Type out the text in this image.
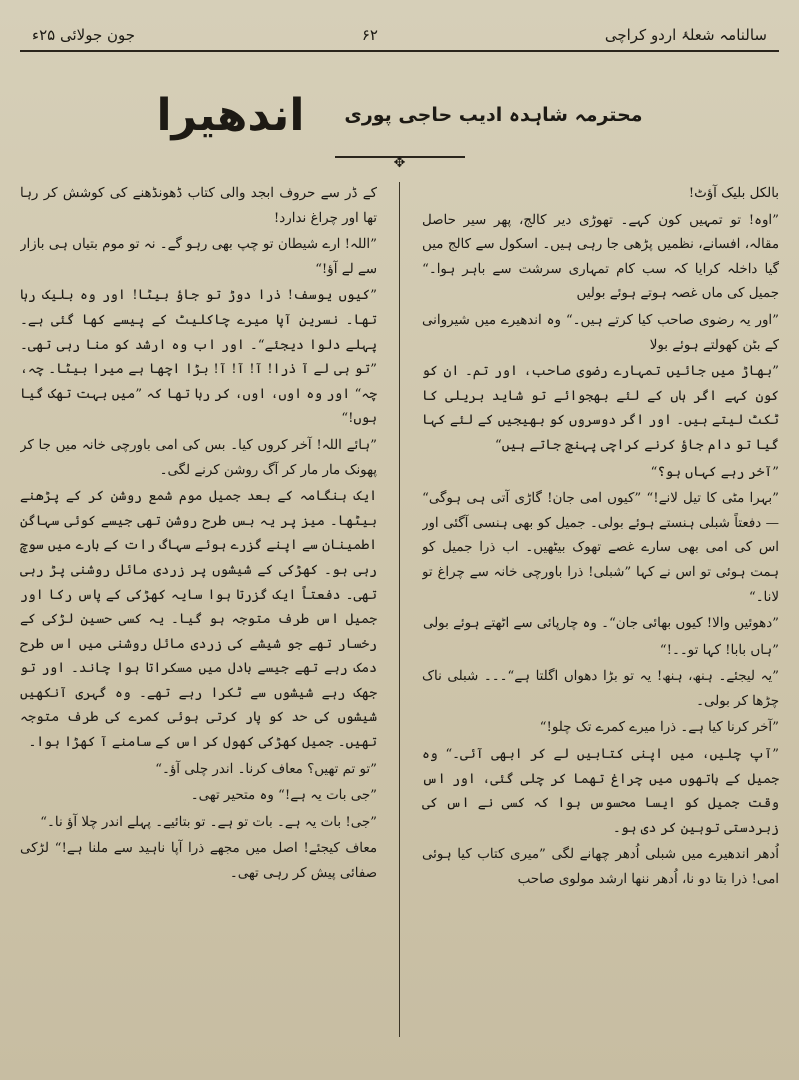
سالنامہ شعلۂ اردو کراچی
۶۲
جون جولائی ۲۵ء
محترمہ شاہدہ ادیب حاجی پوری
اندھیرا
✥

بالکل بلیک آؤٹ!

”اوہ! تو تمہیں کون کہے۔ تھوڑی دیر کالج، پھر سیر حاصل مقالہ، افسانے، نظمیں پڑھی جا رہی ہیں۔ اسکول سے کالج میں گیا داخلہ کرایا کہ سب کام تمہاری سرشت سے باہر ہوا۔“ جمیل کی ماں غصہ ہوتے ہوئے بولیں

”اور یہ رضوی صاحب کیا کرتے ہیں۔“ وہ اندھیرے میں شیروانی کے بٹن کھولتے ہوئے بولا

”بھاڑ میں جائیں تمہارے رضوی صاحب، اور تم۔ ان کو کون کہے اگر ہاں کے لئے بھجوائے تو شاید بریلی کا ٹکٹ لیتے ہیں۔ اور اگر دوسروں کو بھیجیں کے لئے کہا گیا تو دام جاؤ کرنے کراچی پہنچ جاتے ہیں“

”آخر رہے کہاں ہو؟“

”بہرا مٹی کا تیل لانے!“ ”کیوں امی جان! گاڑی آتی ہی ہوگی“ — دفعتاً شبلی ہنستے ہوئے بولی۔ جمیل کو بھی ہنسی آگئی اور اس کی امی بھی سارے غصے تھوک بیٹھیں۔ اب ذرا جمیل کو ہمت ہوئی تو اس نے کہا ”شبلی! ذرا باورچی خانہ سے چراغ تو لانا۔“

”دھوئیں والا! کیوں بھائی جان“۔ وہ چارپائی سے اٹھتے ہوئے بولی

”ہاں بابا! کہا تو۔۔!“

”یہ لیجئے۔ ہنھ، ہنھ! یہ تو بڑا دھواں اگلتا ہے“۔۔۔ شبلی ناک چڑھا کر بولی۔

”آخر کرنا کیا ہے۔ ذرا میرے کمرے تک چلو!“

”آپ چلیں، میں اپنی کتابیں لے کر ابھی آئی۔“ وہ جمیل کے ہاتھوں میں چراغ تھما کر چلی گئی، اور اس وقت جمیل کو ایسا محسوس ہوا کہ کسی نے اس کی زبردستی توہین کر دی ہو۔

اُدھر اندھیرے میں شبلی اُدھر چھانے لگی ”میری کتاب کیا ہوئی امی! ذرا بتا دو نا، اُدھر ننھا ارشد مولوی صاحب

کے ڈر سے حروف ابجد والی کتاب ڈھونڈھنے کی کوشش کر رہا تھا اور چراغ ندارد!

”اللہ! ارے شیطان تو چپ بھی رہو گے۔ نہ تو موم بتیاں ہی بازار سے لے آؤ!“

”کیوں یوسف! ذرا دوڑ تو جاؤ بیٹا! اور وہ بلیک رہا تھا۔ نسرین آپا میرے چاکلیٹ کے پیسے کھا گئی ہے۔ پہلے دلوا دیجئے“۔ اور اب وہ ارشد کو منا رہی تھی۔ ”تو ہی لے آ ذرا! آ! آ! آ! بڑا اچھا ہے میرا بیٹا۔ چہ، چہ“ اور وہ اوں، اوں، کر رہا تھا کہ ”میں بہت تھک گیا ہوں!“

”ہائے اللہ! آخر کروں کیا۔ بس کی امی باورچی خانہ میں جا کر پھونک مار مار کر آگ روشن کرنے لگی۔

ایک ہنگامہ کے بعد جمیل موم شمع روشن کر کے پڑھنے بیٹھا۔ میز پر یہ بس طرح روشن تھی جیسے کوئی سہاگن اطمینان سے اپنے گزرے ہوئے سہاگ رات کے بارے میں سوچ رہی ہو۔ کھڑکی کے شیشوں پر زردی مائل روشنی پڑ رہی تھی۔ دفعتاً ایک گزرتا ہوا سایہ کھڑکی کے پاس رکا اور جمیل اس طرف متوجہ ہو گیا۔ یہ کسی حسین لڑکی کے رخسار تھے جو شیشے کی زردی مائل روشنی میں اس طرح دمک رہے تھے جیسے بادل میں مسکراتا ہوا چاند۔ اور تو جھک رہے شیشوں سے ٹکرا رہے تھے۔ وہ گہری آنکھیں شیشوں کی حد کو پار کرتی ہوئی کمرے کی طرف متوجہ تھیں۔ جمیل کھڑکی کھول کر اس کے سامنے آ کھڑا ہوا۔

”تو تم تھیں؟ معاف کرنا۔ اندر چلی آؤ۔“

”جی بات یہ ہے!“ وہ متحیر تھی۔

”جی! بات یہ ہے۔ بات تو ہے۔ تو بتائیے۔ پہلے اندر چلا آؤ نا۔“

معاف کیجئے! اصل میں مجھے ذرا آپا ناہید سے ملنا ہے!“ لڑکی صفائی پیش کر رہی تھی۔
